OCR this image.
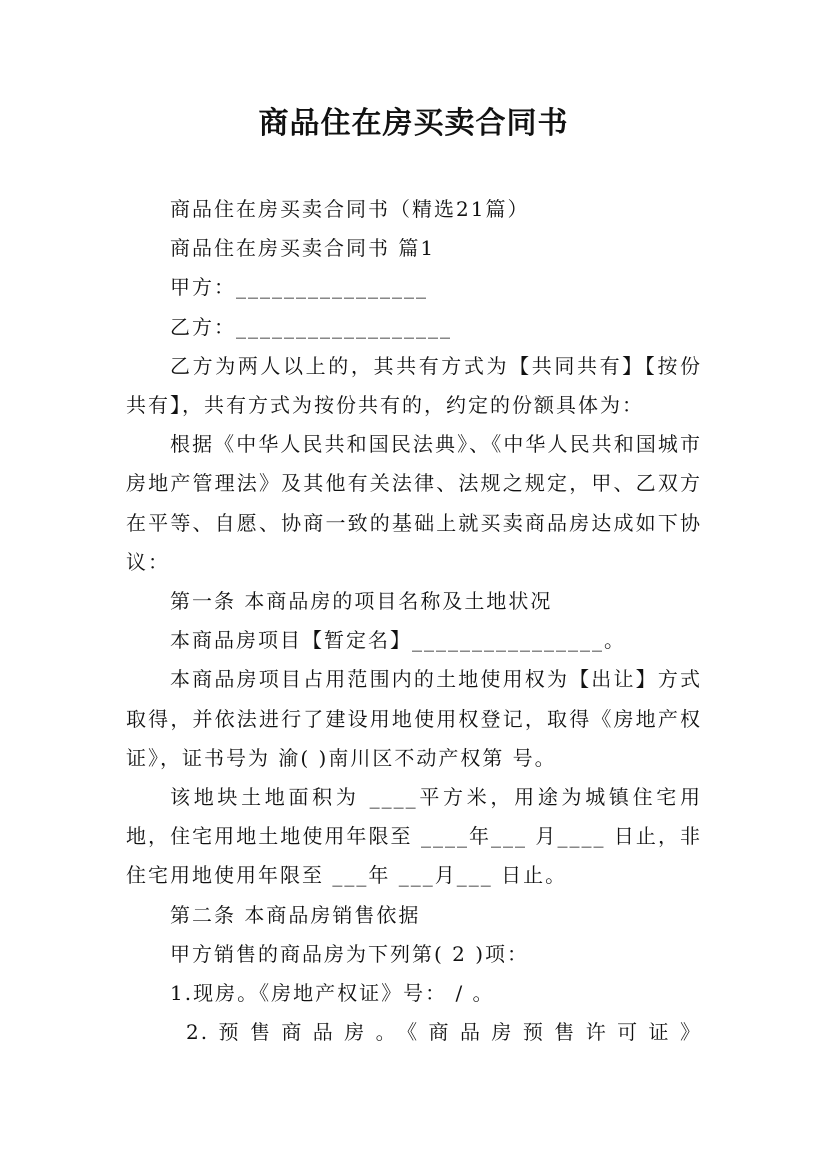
商品住在房买卖合同书

商品住在房买卖合同书（精选21篇）

商品住在房买卖合同书 篇1

甲方：________________

乙方：__________________

乙方为两人以上的，其共有方式为【共同共有】【按份共有】，共有方式为按份共有的，约定的份额具体为：

根据《中华人民共和国民法典》、《中华人民共和国城市房地产管理法》及其他有关法律、法规之规定，甲、乙双方在平等、自愿、协商一致的基础上就买卖商品房达成如下协议：

第一条 本商品房的项目名称及土地状况

本商品房项目【暂定名】________________。

本商品房项目占用范围内的土地使用权为【出让】方式取得，并依法进行了建设用地使用权登记，取得《房地产权证》，证书号为 渝( )南川区不动产权第 号。

该地块土地面积为 ____平方米，用途为城镇住宅用地，住宅用地土地使用年限至 ____年___ 月____ 日止，非住宅用地使用年限至 ___年 ___月___ 日止。

第二条 本商品房销售依据

甲方销售的商品房为下列第( 2 )项：

1.现房。《房地产权证》号： / 。

2.预售商品房。《商品房预售许可证》
